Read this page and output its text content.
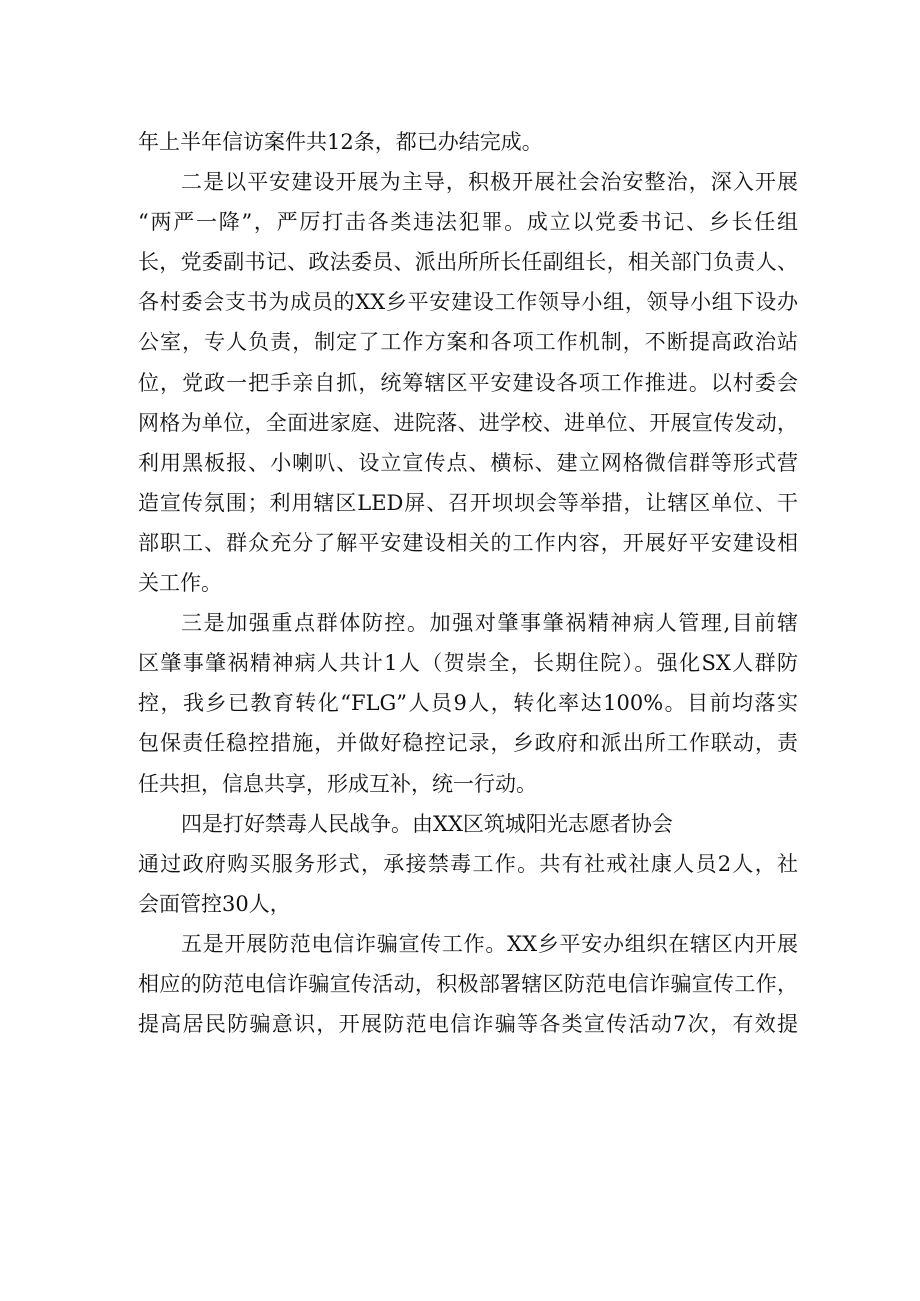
年上半年信访案件共12条，都已办结完成。
二是以平安建设开展为主导，积极开展社会治安整治，深入开展
“两严一降”，严厉打击各类违法犯罪。成立以党委书记、乡长任组
长，党委副书记、政法委员、派出所所长任副组长，相关部门负责人、
各村委会支书为成员的XX乡平安建设工作领导小组，领导小组下设办
公室，专人负责，制定了工作方案和各项工作机制，不断提高政治站
位，党政一把手亲自抓，统筹辖区平安建设各项工作推进。以村委会
网格为单位，全面进家庭、进院落、进学校、进单位、开展宣传发动，
利用黑板报、小喇叭、设立宣传点、横标、建立网格微信群等形式营
造宣传氛围；利用辖区LED屏、召开坝坝会等举措，让辖区单位、干
部职工、群众充分了解平安建设相关的工作内容，开展好平安建设相
关工作。
三是加强重点群体防控。加强对肇事肇祸精神病人管理,目前辖
区肇事肇祸精神病人共计1人（贺崇全，长期住院）。强化SX人群防
控，我乡已教育转化“FLG”人员9人，转化率达100%。目前均落实
包保责任稳控措施，并做好稳控记录，乡政府和派出所工作联动，责
任共担，信息共享，形成互补，统一行动。
四是打好禁毒人民战争。由XX区筑城阳光志愿者协会
通过政府购买服务形式，承接禁毒工作。共有社戒社康人员2人，社
会面管控30人，
五是开展防范电信诈骗宣传工作。XX乡平安办组织在辖区内开展
相应的防范电信诈骗宣传活动，积极部署辖区防范电信诈骗宣传工作，
提高居民防骗意识，开展防范电信诈骗等各类宣传活动7次，有效提
